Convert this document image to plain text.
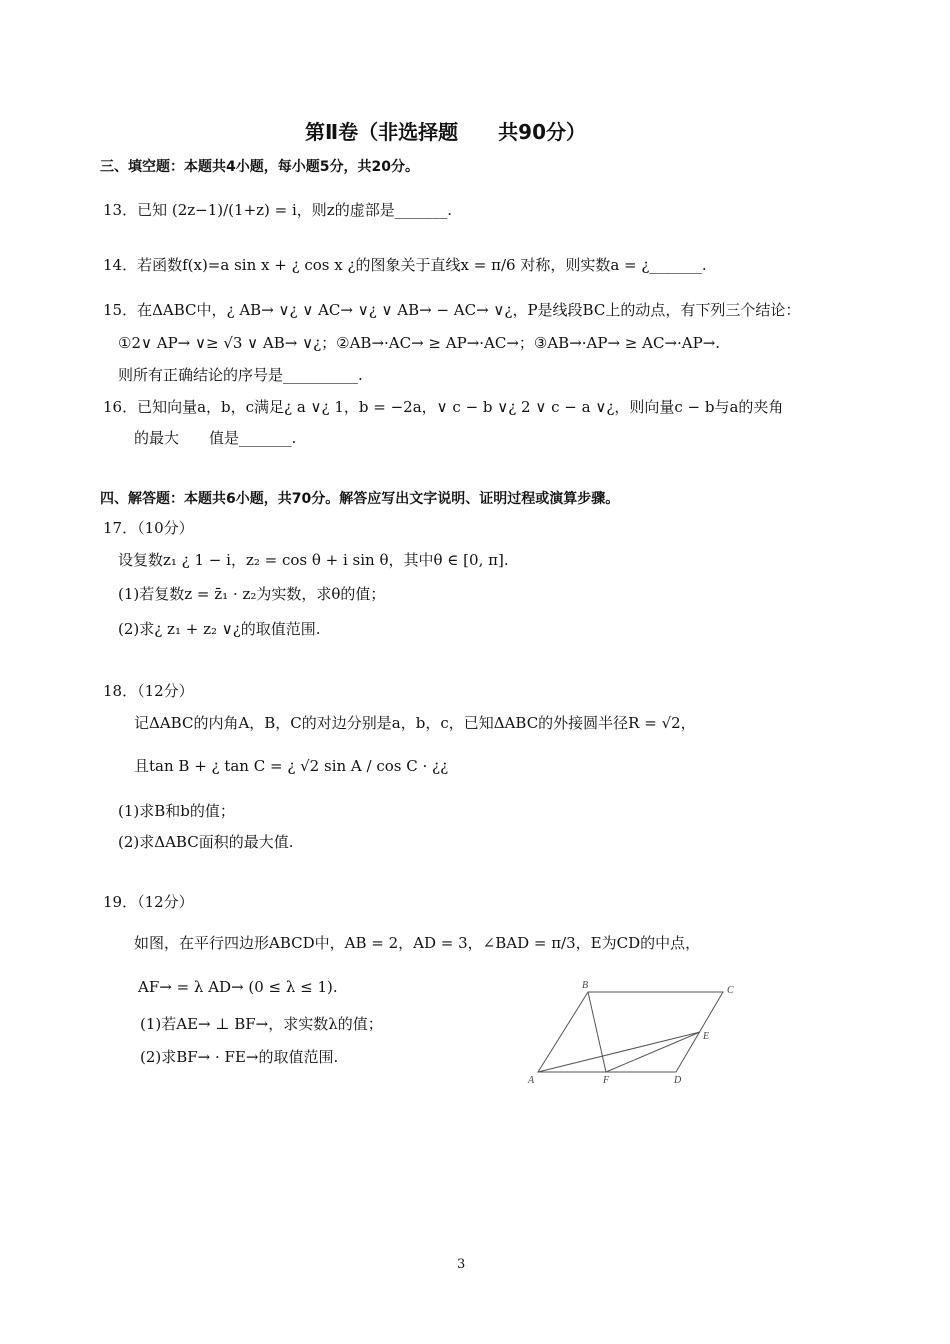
第Ⅱ卷（非选择题　　共90分）
三、填空题：本题共4小题，每小题5分，共20分。
13．已知 (2z−1)/(1+z) = i，则z的虚部是_______.
14．若函数f(x)=a sin x + ¿ cos x ¿的图象关于直线x = π/6 对称，则实数a = ¿_______.
15．在ΔABC中，¿ AB→ ∨¿ ∨ AC→ ∨¿ ∨ AB→ − AC→ ∨¿，P是线段BC上的动点，有下列三个结论：
①2∨ AP→ ∨≥ √3 ∨ AB→ ∨¿；②AB→·AC→ ≥ AP→·AC→；③AB→·AP→ ≥ AC→·AP→.
则所有正确结论的序号是__________.
16．已知向量a，b，c满足¿ a ∨¿ 1，b = −2a，∨ c − b ∨¿ 2 ∨ c − a ∨¿，则向量c − b与a的夹角
的最大　　值是_______.
四、解答题：本题共6小题，共70分。解答应写出文字说明、证明过程或演算步骤。
17．（10分）
设复数z₁ ¿ 1 − i，z₂ = cos θ + i sin θ，其中θ ∈ [0, π].
(1)若复数z = z̄₁ · z₂为实数，求θ的值；
(2)求¿ z₁ + z₂ ∨¿的取值范围.
18．（12分）
记ΔABC的内角A，B，C的对边分别是a，b，c，已知ΔABC的外接圆半径R = √2，
且tan B + ¿ tan C = ¿ √2 sin A / cos C · ¿¿
(1)求B和b的值；
(2)求ΔABC面积的最大值.
19．（12分）
如图，在平行四边形ABCD中，AB = 2，AD = 3，∠BAD = π/3，E为CD的中点，
AF→ = λ AD→ (0 ≤ λ ≤ 1).
(1)若AE→ ⊥ BF→，求实数λ的值；
(2)求BF→ · FE→的取值范围.
A
B	C
D
E
F
3
